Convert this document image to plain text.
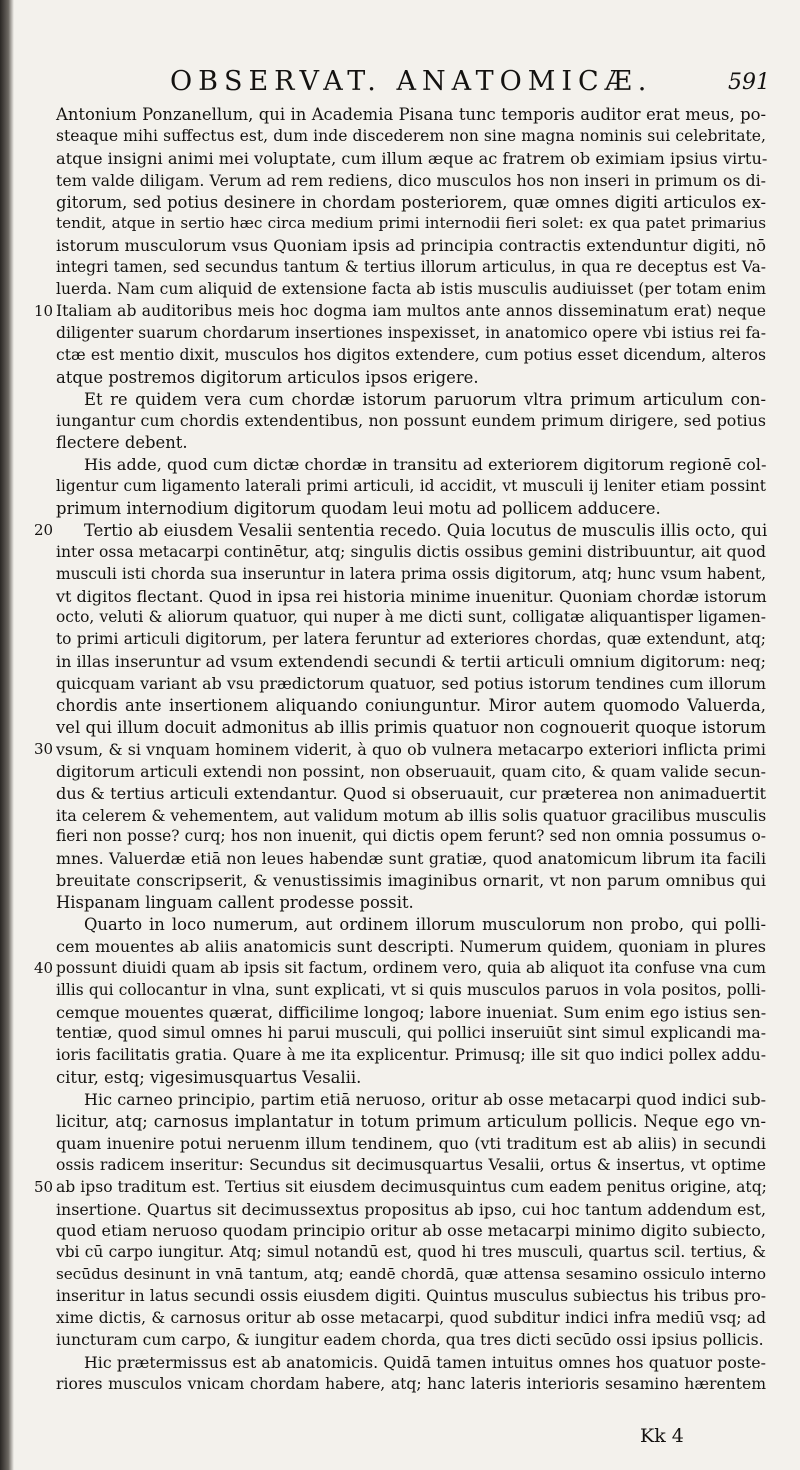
OBSERVAT. ANATOMICÆ.	591
Antonium Ponzanellum, qui in Academia Pisana tunc temporis auditor erat meus, po-
steaque mihi suffectus est, dum inde discederem non sine magna nominis sui celebritate,
atque insigni animi mei voluptate, cum illum æque ac fratrem ob eximiam ipsius virtu-
tem valde diligam. Verum ad rem rediens, dico musculos hos non inseri in primum os di-
gitorum, sed potius desinere in chordam posteriorem, quæ omnes digiti articulos ex-
tendit, atque in sertio hæc circa medium primi internodii fieri solet: ex qua patet primarius
istorum musculorum vsus Quoniam ipsis ad principia contractis extenduntur digiti, nō
integri tamen, sed secundus tantum & tertius illorum articulus, in qua re deceptus est Va-
luerda. Nam cum aliquid de extensione facta ab istis musculis audiuisset (per totam enim
10 Italiam ab auditoribus meis hoc dogma iam multos ante annos disseminatum erat) neque
diligenter suarum chordarum insertiones inspexisset, in anatomico opere vbi istius rei fa-
ctæ est mentio dixit, musculos hos digitos extendere, cum potius esset dicendum, alteros
atque postremos digitorum articulos ipsos erigere.
Et re quidem vera cum chordæ istorum paruorum vltra primum articulum con-
iungantur cum chordis extendentibus, non possunt eundem primum dirigere, sed potius
flectere debent.
His adde, quod cum dictæ chordæ in transitu ad exteriorem digitorum regionē col-
ligentur cum ligamento laterali primi articuli, id accidit, vt musculi ij leniter etiam possint
primum internodium digitorum quodam leui motu ad pollicem adducere.
20 Tertio ab eiusdem Vesalii sententia recedo. Quia locutus de musculis illis octo, qui
inter ossa metacarpi continētur, atq; singulis dictis ossibus gemini distribuuntur, ait quod
musculi isti chorda sua inseruntur in latera prima ossis digitorum, atq; hunc vsum habent,
vt digitos flectant. Quod in ipsa rei historia minime inuenitur. Quoniam chordæ istorum
octo, veluti & aliorum quatuor, qui nuper à me dicti sunt, colligatæ aliquantisper ligamen-
to primi articuli digitorum, per latera feruntur ad exteriores chordas, quæ extendunt, atq;
in illas inseruntur ad vsum extendendi secundi & tertii articuli omnium digitorum: neq;
quicquam variant ab vsu prædictorum quatuor, sed potius istorum tendines cum illorum
chordis ante insertionem aliquando coniunguntur. Miror autem quomodo Valuerda,
vel qui illum docuit admonitus ab illis primis quatuor non cognouerit quoque istorum
30 vsum, & si vnquam hominem viderit, à quo ob vulnera metacarpo exteriori inflicta primi
digitorum articuli extendi non possint, non obseruauit, quam cito, & quam valide secun-
dus & tertius articuli extendantur. Quod si obseruauit, cur præterea non animaduertit
ita celerem & vehementem, aut validum motum ab illis solis quatuor gracilibus musculis
fieri non posse? curq; hos non inuenit, qui dictis opem ferunt? sed non omnia possumus o-
mnes. Valuerdæ etiā non leues habendæ sunt gratiæ, quod anatomicum librum ita facili
breuitate conscripserit, & venustissimis imaginibus ornarit, vt non parum omnibus qui
Hispanam linguam callent prodesse possit.
Quarto in loco numerum, aut ordinem illorum musculorum non probo, qui polli-
cem mouentes ab aliis anatomicis sunt descripti. Numerum quidem, quoniam in plures
40 possunt diuidi quam ab ipsis sit factum, ordinem vero, quia ab aliquot ita confuse vna cum
illis qui collocantur in vlna, sunt explicati, vt si quis musculos paruos in vola positos, polli-
cemque mouentes quærat, difficilime longoq; labore inueniat. Sum enim ego istius sen-
tentiæ, quod simul omnes hi parui musculi, qui pollici inseruiūt sint simul explicandi ma-
ioris facilitatis gratia. Quare à me ita explicentur. Primusq; ille sit quo indici pollex addu-
citur, estq; vigesimusquartus Vesalii.
Hic carneo principio, partim etiā neruoso, oritur ab osse metacarpi quod indici sub-
licitur, atq; carnosus implantatur in totum primum articulum pollicis. Neque ego vn-
quam inuenire potui neruenm illum tendinem, quo (vti traditum est ab aliis) in secundi
ossis radicem inseritur: Secundus sit decimusquartus Vesalii, ortus & insertus, vt optime
50 ab ipso traditum est. Tertius sit eiusdem decimusquintus cum eadem penitus origine, atq;
insertione. Quartus sit decimussextus propositus ab ipso, cui hoc tantum addendum est,
quod etiam neruoso quodam principio oritur ab osse metacarpi minimo digito subiecto,
vbi cū carpo iungitur. Atq; simul notandū est, quod hi tres musculi, quartus scil. tertius, &
secūdus desinunt in vnā tantum, atq; eandē chordā, quæ attensa sesamino ossiculo interno
inseritur in latus secundi ossis eiusdem digiti. Quintus musculus subiectus his tribus pro-
xime dictis, & carnosus oritur ab osse metacarpi, quod subditur indici infra mediū vsq; ad
iuncturam cum carpo, & iungitur eadem chorda, qua tres dicti secūdo ossi ipsius pollicis.
Hic prætermissus est ab anatomicis. Quidā tamen intuitus omnes hos quatuor poste-
riores musculos vnicam chordam habere, atq; hanc lateris interioris sesamino hærentem
Kk 4
